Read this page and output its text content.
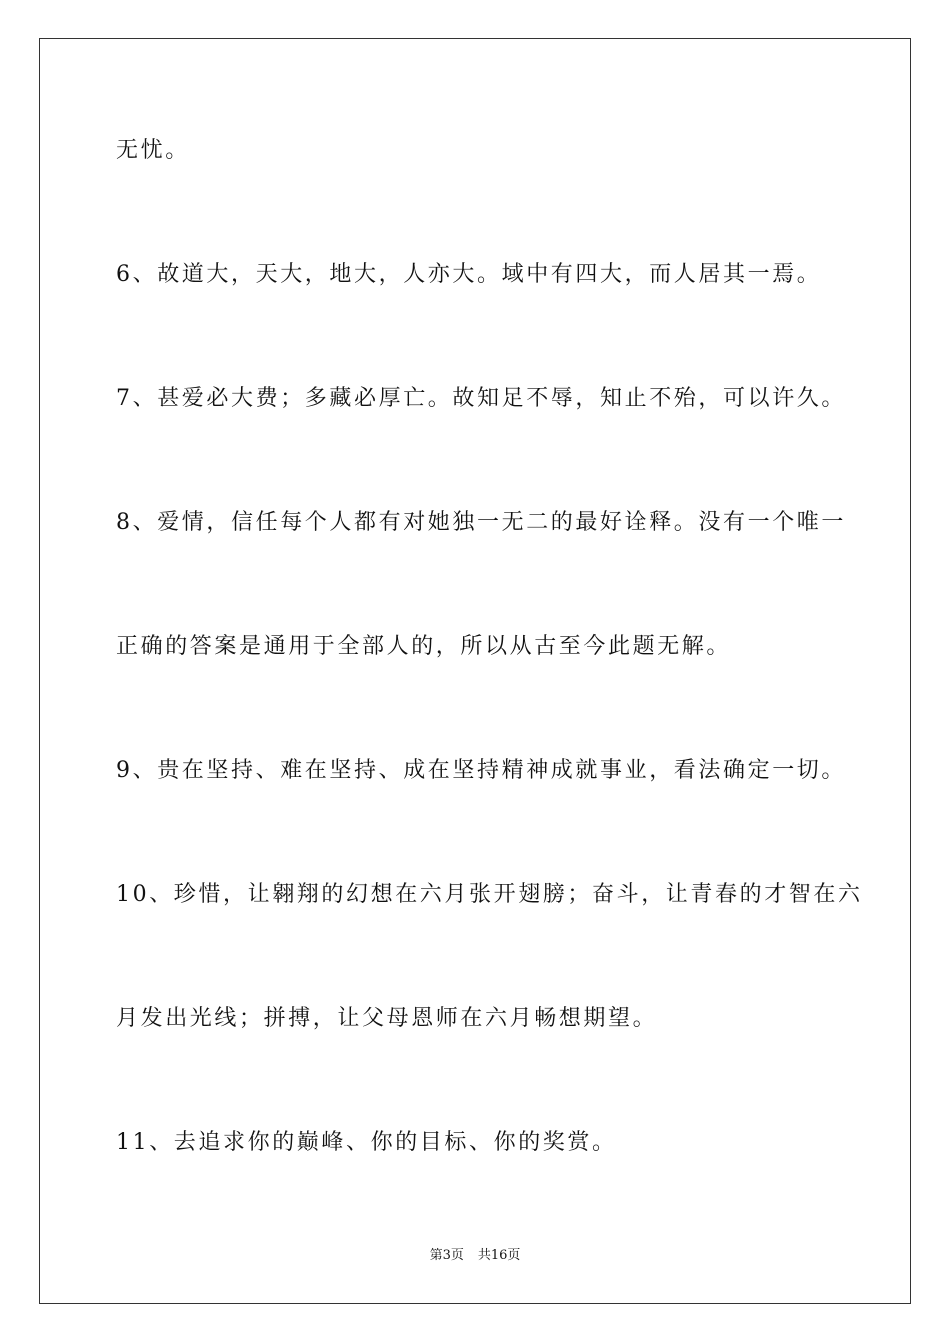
无忧。
6、故道大，天大，地大，人亦大。域中有四大，而人居其一焉。
7、甚爱必大费；多藏必厚亡。故知足不辱，知止不殆，可以许久。
8、爱情，信任每个人都有对她独一无二的最好诠释。没有一个唯一
正确的答案是通用于全部人的，所以从古至今此题无解。
9、贵在坚持、难在坚持、成在坚持精神成就事业，看法确定一切。
10、珍惜，让翱翔的幻想在六月张开翅膀；奋斗，让青春的才智在六
月发出光线；拼搏，让父母恩师在六月畅想期望。
11、去追求你的巅峰、你的目标、你的奖赏。
第3页 共16页
